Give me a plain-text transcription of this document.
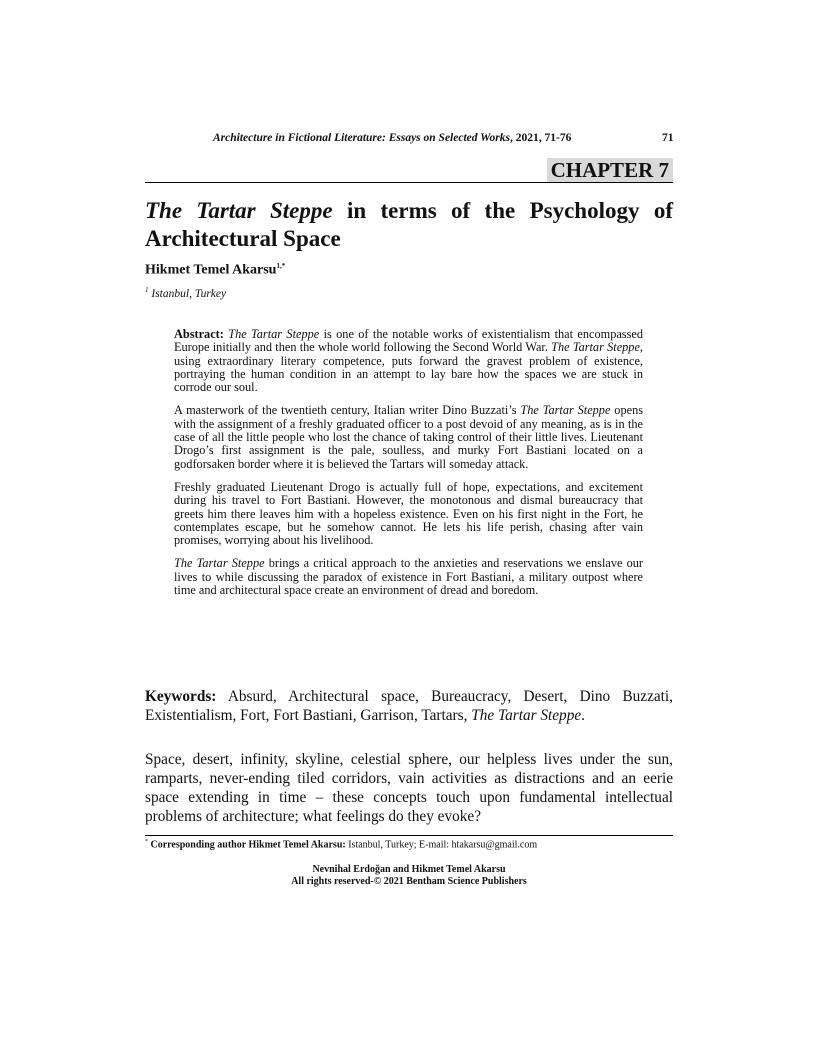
Architecture in Fictional Literature: Essays on Selected Works, 2021, 71-76	71
CHAPTER 7
The Tartar Steppe in terms of the Psychology of Architectural Space
Hikmet Temel Akarsu$^{1,*}$
$^1$ Istanbul, Turkey

Abstract: The Tartar Steppe is one of the notable works of existentialism that encompassed Europe initially and then the whole world following the Second World War. The Tartar Steppe, using extraordinary literary competence, puts forward the gravest problem of existence, portraying the human condition in an attempt to lay bare how the spaces we are stuck in corrode our soul.

A masterwork of the twentieth century, Italian writer Dino Buzzati’s The Tartar Steppe opens with the assignment of a freshly graduated officer to a post devoid of any meaning, as is in the case of all the little people who lost the chance of taking control of their little lives. Lieutenant Drogo’s first assignment is the pale, soulless, and murky Fort Bastiani located on a godforsaken border where it is believed the Tartars will someday attack.

Freshly graduated Lieutenant Drogo is actually full of hope, expectations, and excitement during his travel to Fort Bastiani. However, the monotonous and dismal bureaucracy that greets him there leaves him with a hopeless existence. Even on his first night in the Fort, he contemplates escape, but he somehow cannot. He lets his life perish, chasing after vain promises, worrying about his livelihood.

The Tartar Steppe brings a critical approach to the anxieties and reservations we enslave our lives to while discussing the paradox of existence in Fort Bastiani, a military outpost where time and architectural space create an environment of dread and boredom.

Keywords: Absurd, Architectural space, Bureaucracy, Desert, Dino Buzzati, Existentialism, Fort, Fort Bastiani, Garrison, Tartars, The Tartar Steppe.
Space, desert, infinity, skyline, celestial sphere, our helpless lives under the sun, ramparts, never-ending tiled corridors, vain activities as distractions and an eerie space extending in time – these concepts touch upon fundamental intellectual problems of architecture; what feelings do they evoke?
* Corresponding author Hikmet Temel Akarsu: Istanbul, Turkey; E-mail: htakarsu@gmail.com
Nevnihal Erdoğan and Hikmet Temel Akarsu
All rights reserved-© 2021 Bentham Science Publishers
